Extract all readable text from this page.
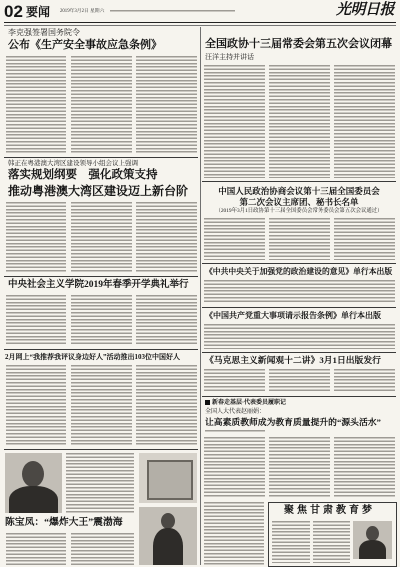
02 要闻 2019年3月2日 星期六	光明日报
李克强签署国务院令
公布《生产安全事故应急条例》
韩正在粤港澳大湾区建设领导小组会议上强调
落实规划纲要　强化政策支持
推动粤港澳大湾区建设迈上新台阶
中央社会主义学院2019年春季开学典礼举行
2月网上“我推荐我评议身边好人”活动推出103位中国好人
陈宝凤：“爆炸大王”震渤海
全国政协十三届常委会第五次会议闭幕
汪洋主持并讲话
中国人民政治协商会议第十三届全国委员会
第二次会议主席团、秘书长名单
（2019年3月1日政协第十三届全国委员会常务委员会第五次会议通过）
《中共中央关于加强党的政治建设的意见》单行本出版
《中国共产党重大事项请示报告条例》单行本出版
《马克思主义新闻观十二讲》3月1日出版发行
新春走基层·代表委员履职记
全国人大代表赵丽娟：
让高素质教师成为教育质量提升的“源头活水”
聚焦甘肃教育梦
